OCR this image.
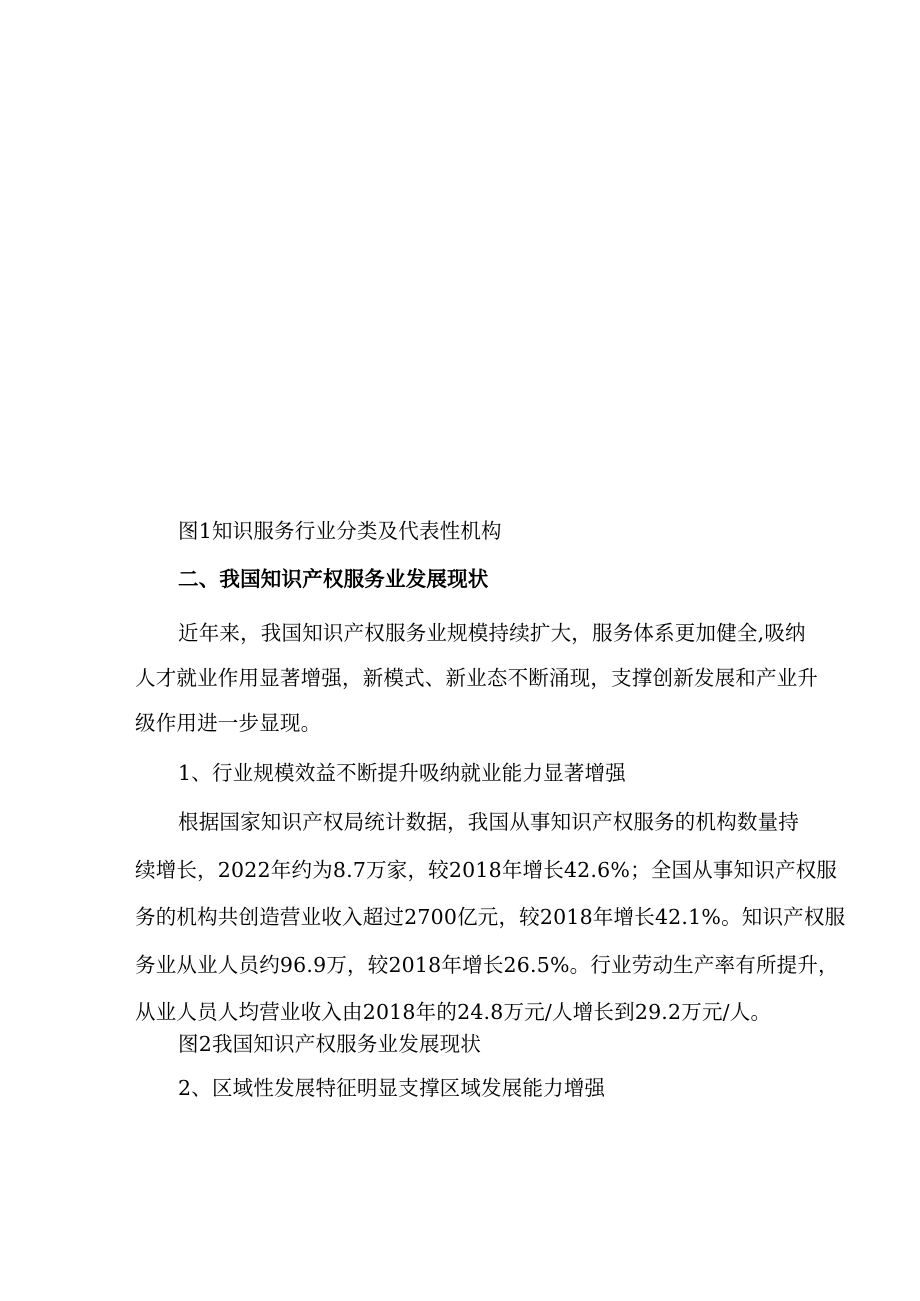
图1知识服务行业分类及代表性机构
二、我国知识产权服务业发展现状
近年来，我国知识产权服务业规模持续扩大，服务体系更加健全,吸纳
人才就业作用显著增强，新模式、新业态不断涌现，支撑创新发展和产业升
级作用进一步显现。
1、行业规模效益不断提升吸纳就业能力显著增强
根据国家知识产权局统计数据，我国从事知识产权服务的机构数量持
续增长，2022年约为8.7万家，较2018年增长42.6%；全国从事知识产权服
务的机构共创造营业收入超过2700亿元，较2018年增长42.1%。知识产权服
务业从业人员约96.9万，较2018年增长26.5%。行业劳动生产率有所提升，
从业人员人均营业收入由2018年的24.8万元/人增长到29.2万元/人。
图2我国知识产权服务业发展现状
2、区域性发展特征明显支撑区域发展能力增强
